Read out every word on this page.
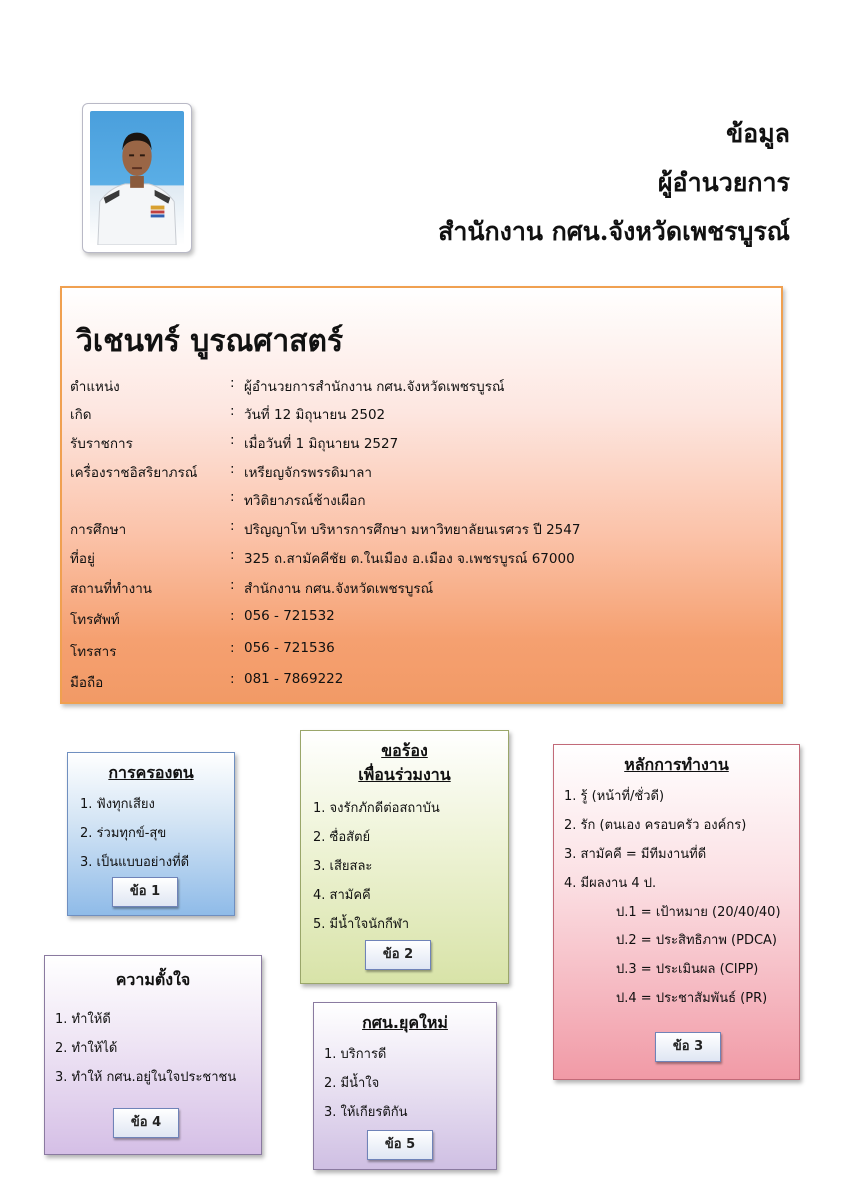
ข้อมูล
ผู้อำนวยการ
สำนักงาน กศน.จังหวัดเพชรบูรณ์
วิเชนทร์ บูรณศาสตร์
ตำแหน่ง	: ผู้อำนวยการสำนักงาน กศน.จังหวัดเพชรบูรณ์
เกิด	: วันที่ 12 มิถุนายน 2502
รับราชการ	: เมื่อวันที่ 1 มิถุนายน 2527
เครื่องราชอิสริยาภรณ์ : เหรียญจักรพรรดิมาลา
: ทวิติยาภรณ์ช้างเผือก
การศึกษา	: ปริญญาโท บริหารการศึกษา มหาวิทยาลัยนเรศวร ปี 2547
ที่อยู่	: 325 ถ.สามัคคีชัย ต.ในเมือง อ.เมือง จ.เพชรบูรณ์ 67000
สถานที่ทำงาน	: สำนักงาน กศน.จังหวัดเพชรบูรณ์
โทรศัพท์	: 056 - 721532
โทรสาร	: 056 - 721536
มือถือ	: 081 - 7869222
การครองตน
1. ฟังทุกเสียง
2. ร่วมทุกข์-สุข
3. เป็นแบบอย่างที่ดี
ข้อ 1
ขอร้อง
เพื่อนร่วมงาน
1. จงรักภักดีต่อสถาบัน
2. ซื่อสัตย์
3. เสียสละ
4. สามัคคี
5. มีน้ำใจนักกีฬา
ข้อ 2
หลักการทำงาน
1. รู้ (หน้าที่/ชั่วดี)
2. รัก (ตนเอง ครอบครัว องค์กร)
3. สามัคคี = มีทีมงานที่ดี
4. มีผลงาน 4 ป.
ป.1 = เป้าหมาย (20/40/40)
ป.2 = ประสิทธิภาพ (PDCA)
ป.3 = ประเมินผล (CIPP)
ป.4 = ประชาสัมพันธ์ (PR)
ข้อ 3
ความตั้งใจ
1. ทำให้ดี
2. ทำให้ได้
3. ทำให้ กศน.อยู่ในใจประชาชน
ข้อ 4
กศน.ยุคใหม่
1. บริการดี
2. มีน้ำใจ
3. ให้เกียรติกัน
ข้อ 5
